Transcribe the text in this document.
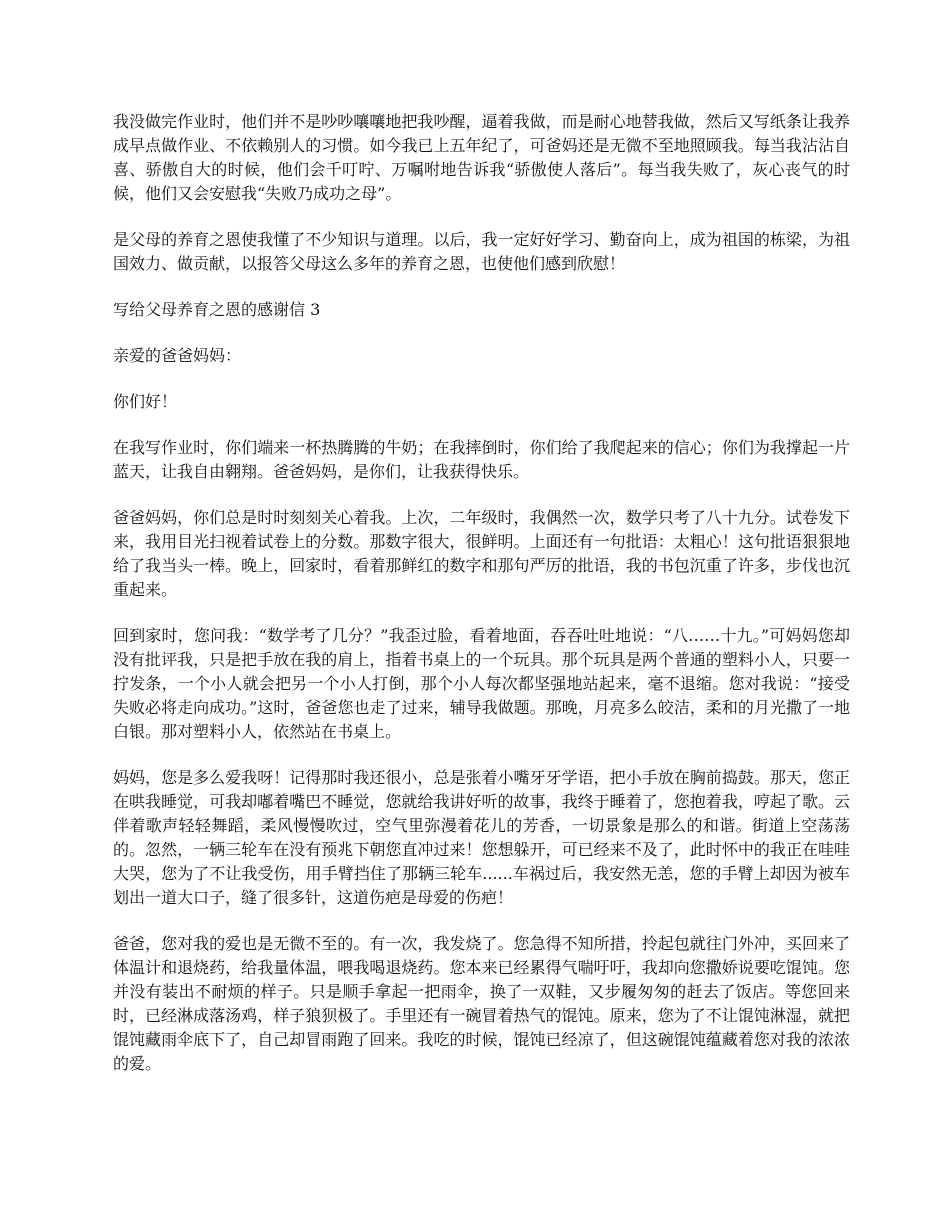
我没做完作业时，他们并不是吵吵嚷嚷地把我吵醒，逼着我做，而是耐心地替我做，然后又写纸条让我养成早点做作业、不依赖别人的习惯。如今我已上五年纪了，可爸妈还是无微不至地照顾我。每当我沾沾自喜、骄傲自大的时候，他们会千叮咛、万嘱咐地告诉我“骄傲使人落后”。每当我失败了，灰心丧气的时候，他们又会安慰我“失败乃成功之母”。

是父母的养育之恩使我懂了不少知识与道理。以后，我一定好好学习、勤奋向上，成为祖国的栋梁，为祖国效力、做贡献，以报答父母这么多年的养育之恩，也使他们感到欣慰！

写给父母养育之恩的感谢信 3

亲爱的爸爸妈妈：

你们好！

在我写作业时，你们端来一杯热腾腾的牛奶；在我摔倒时，你们给了我爬起来的信心；你们为我撑起一片蓝天，让我自由翱翔。爸爸妈妈，是你们，让我获得快乐。

爸爸妈妈，你们总是时时刻刻关心着我。上次，二年级时，我偶然一次，数学只考了八十九分。试卷发下来，我用目光扫视着试卷上的分数。那数字很大，很鲜明。上面还有一句批语：太粗心！这句批语狠狠地给了我当头一棒。晚上，回家时，看着那鲜红的数字和那句严厉的批语，我的书包沉重了许多，步伐也沉重起来。

回到家时，您问我：“数学考了几分？”我歪过脸，看着地面，吞吞吐吐地说：“八……十九。”可妈妈您却没有批评我，只是把手放在我的肩上，指着书桌上的一个玩具。那个玩具是两个普通的塑料小人，只要一拧发条，一个小人就会把另一个小人打倒，那个小人每次都坚强地站起来，毫不退缩。您对我说：“接受失败必将走向成功。”这时，爸爸您也走了过来，辅导我做题。那晚，月亮多么皎洁，柔和的月光撒了一地白银。那对塑料小人，依然站在书桌上。

妈妈，您是多么爱我呀！记得那时我还很小，总是张着小嘴牙牙学语，把小手放在胸前捣鼓。那天，您正在哄我睡觉，可我却嘟着嘴巴不睡觉，您就给我讲好听的故事，我终于睡着了，您抱着我，哼起了歌。云伴着歌声轻轻舞蹈，柔风慢慢吹过，空气里弥漫着花儿的芳香，一切景象是那么的和谐。街道上空荡荡的。忽然，一辆三轮车在没有预兆下朝您直冲过来！您想躲开，可已经来不及了，此时怀中的我正在哇哇大哭，您为了不让我受伤，用手臂挡住了那辆三轮车......车祸过后，我安然无恙，您的手臂上却因为被车划出一道大口子，缝了很多针，这道伤疤是母爱的伤疤！

爸爸，您对我的爱也是无微不至的。有一次，我发烧了。您急得不知所措，拎起包就往门外冲，买回来了体温计和退烧药，给我量体温，喂我喝退烧药。您本来已经累得气喘吁吁，我却向您撒娇说要吃馄饨。您并没有装出不耐烦的样子。只是顺手拿起一把雨伞，换了一双鞋，又步履匆匆的赶去了饭店。等您回来时，已经淋成落汤鸡，样子狼狈极了。手里还有一碗冒着热气的馄饨。原来，您为了不让馄饨淋湿，就把馄饨藏雨伞底下了，自己却冒雨跑了回来。我吃的时候，馄饨已经凉了，但这碗馄饨蕴藏着您对我的浓浓的爱。
